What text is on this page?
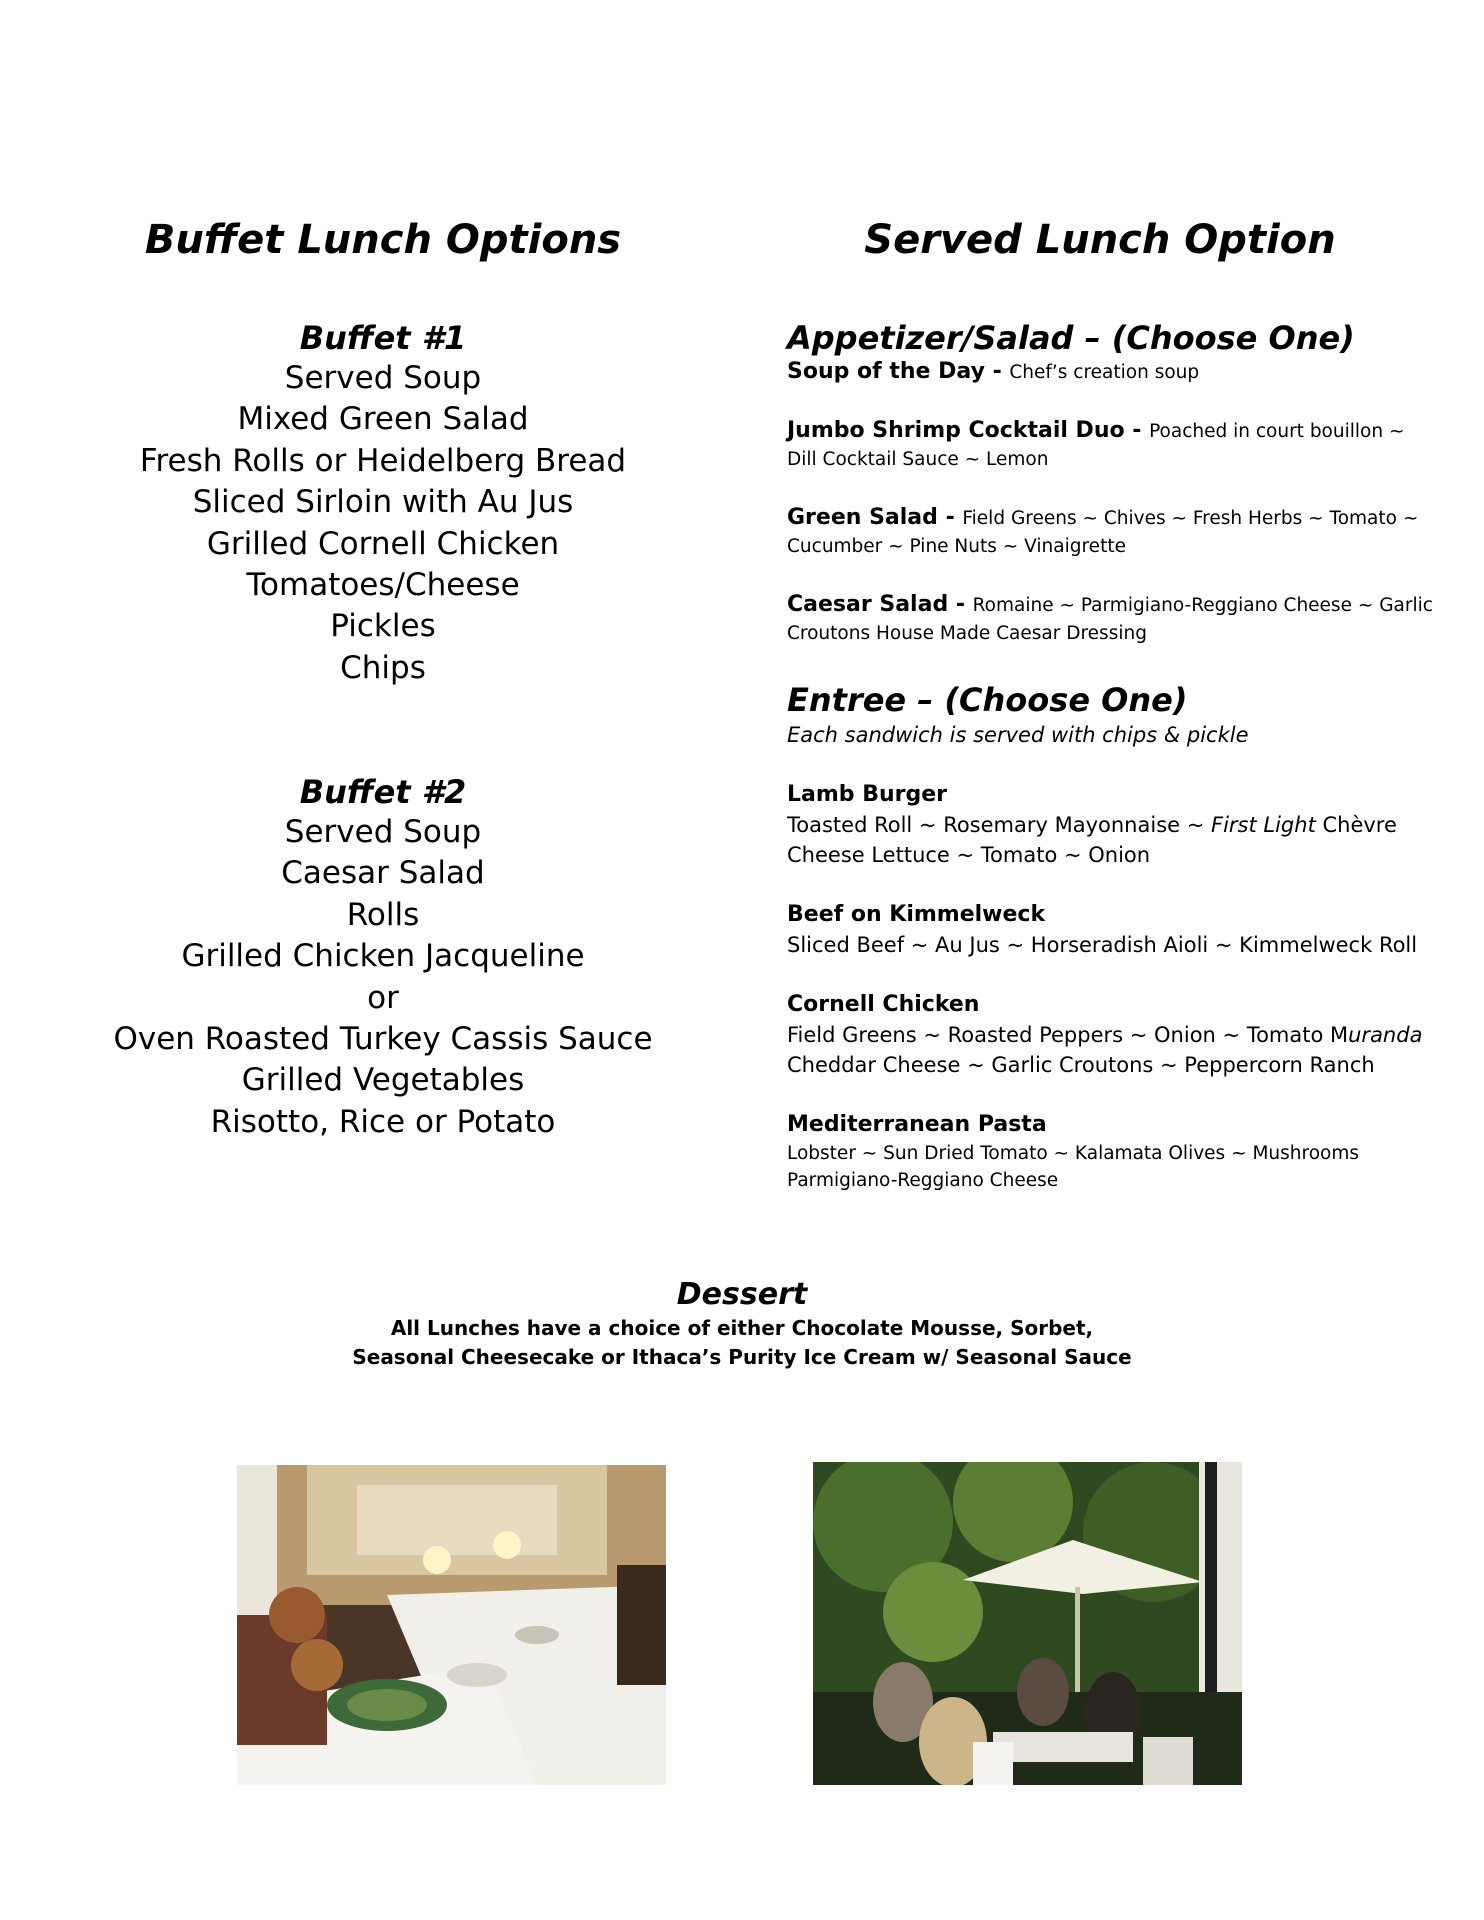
Buffet Lunch Options	Served Lunch Option
Buffet #1
Served Soup
Mixed Green Salad
Fresh Rolls or Heidelberg Bread
Sliced Sirloin with Au Jus
Grilled Cornell Chicken
Tomatoes/Cheese
Pickles
Chips
Buffet #2
Served Soup
Caesar Salad
Rolls
Grilled Chicken Jacqueline
or
Oven Roasted Turkey Cassis Sauce
Grilled Vegetables
Risotto, Rice or Potato
Appetizer/Salad – (Choose One)
Soup of the Day - Chef’s creation soup
Jumbo Shrimp Cocktail Duo - Poached in court bouillon ~ Dill Cocktail Sauce ~ Lemon
Green Salad - Field Greens ~ Chives ~ Fresh Herbs ~ Tomato ~ Cucumber ~ Pine Nuts ~ Vinaigrette
Caesar Salad - Romaine ~ Parmigiano-Reggiano Cheese ~ Garlic Croutons House Made Caesar Dressing
Entree – (Choose One)
Each sandwich is served with chips & pickle
Lamb Burger
Toasted Roll ~ Rosemary Mayonnaise ~ First Light Chèvre Cheese Lettuce ~ Tomato ~ Onion
Beef on Kimmelweck
Sliced Beef ~ Au Jus ~ Horseradish Aioli ~ Kimmelweck Roll
Cornell Chicken
Field Greens ~ Roasted Peppers ~ Onion ~ Tomato Muranda Cheddar Cheese ~ Garlic Croutons ~ Peppercorn Ranch
Mediterranean Pasta
Lobster ~ Sun Dried Tomato ~ Kalamata Olives ~ Mushrooms Parmigiano-Reggiano Cheese
Dessert
All Lunches have a choice of either Chocolate Mousse, Sorbet,
Seasonal Cheesecake or Ithaca’s Purity Ice Cream w/ Seasonal Sauce
